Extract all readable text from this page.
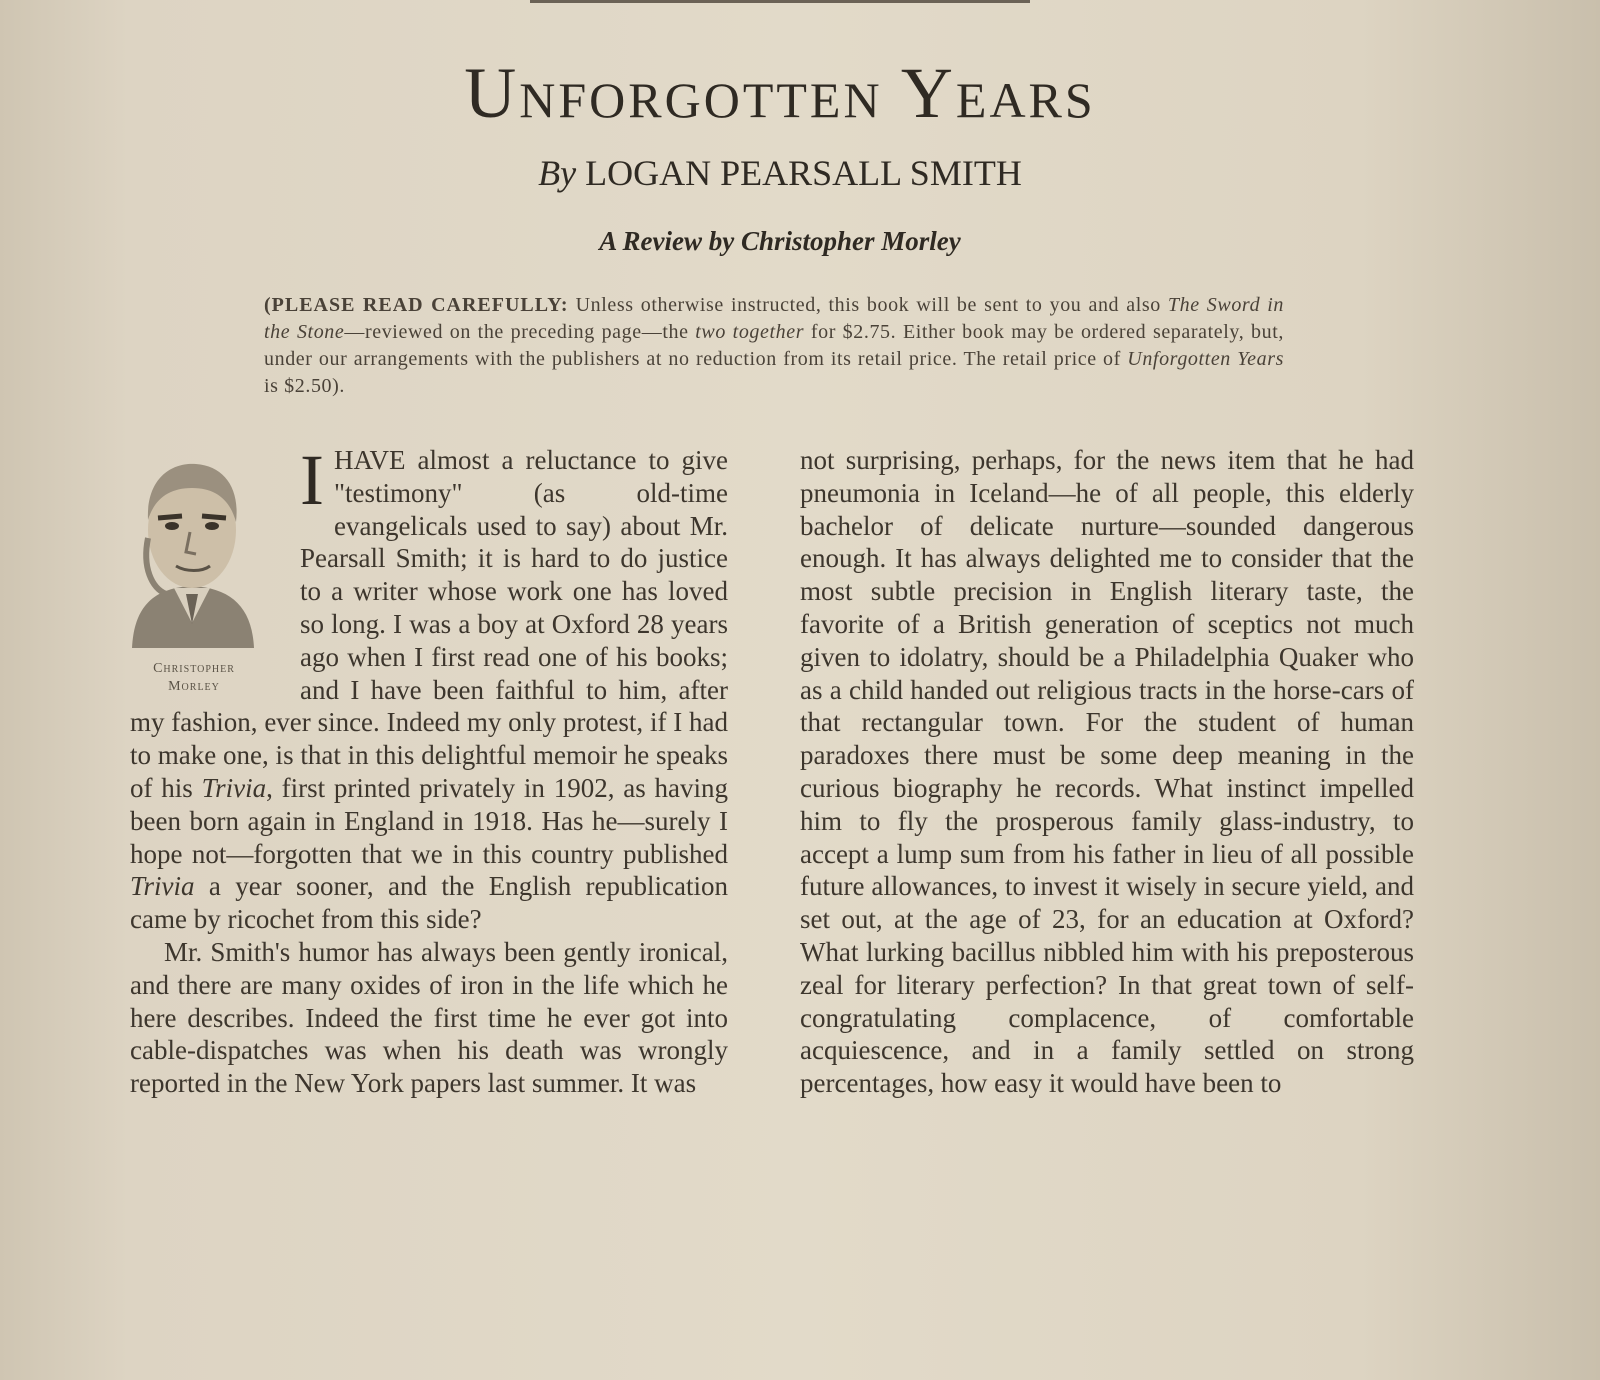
Unforgotten Years
By LOGAN PEARSALL SMITH
A Review by Christopher Morley
(PLEASE READ CAREFULLY: Unless otherwise instructed, this book will be sent to you and also The Sword in the Stone—reviewed on the preceding page—the two together for $2.75. Either book may be ordered separately, but, under our arrangements with the publishers at no reduction from its retail price. The retail price of Unforgotten Years is $2.50).
Christopher
Morley

I HAVE almost a reluctance to give "testimony" (as old-time evangelicals used to say) about Mr. Pearsall Smith; it is hard to do justice to a writer whose work one has loved so long. I was a boy at Oxford 28 years ago when I first read one of his books; and I have been faithful to him, after my fashion, ever since. Indeed my only protest, if I had to make one, is that in this delightful memoir he speaks of his Trivia, first printed privately in 1902, as having been born again in England in 1918. Has he—surely I hope not—forgotten that we in this country published Trivia a year sooner, and the English republication came by ricochet from this side?

Mr. Smith's humor has always been gently ironical, and there are many oxides of iron in the life which he here describes. Indeed the first time he ever got into cable-dispatches was when his death was wrongly reported in the New York papers last summer. It was

not surprising, perhaps, for the news item that he had pneumonia in Iceland—he of all people, this elderly bachelor of delicate nurture—sounded dangerous enough. It has always delighted me to consider that the most subtle precision in English literary taste, the favorite of a British generation of sceptics not much given to idolatry, should be a Philadelphia Quaker who as a child handed out religious tracts in the horse-cars of that rectangular town. For the student of human paradoxes there must be some deep meaning in the curious biography he records. What instinct impelled him to fly the prosperous family glass-industry, to accept a lump sum from his father in lieu of all possible future allowances, to invest it wisely in secure yield, and set out, at the age of 23, for an education at Oxford? What lurking bacillus nibbled him with his preposterous zeal for literary perfection? In that great town of self-congratulating complacence, of comfortable acquiescence, and in a family settled on strong percentages, how easy it would have been to
